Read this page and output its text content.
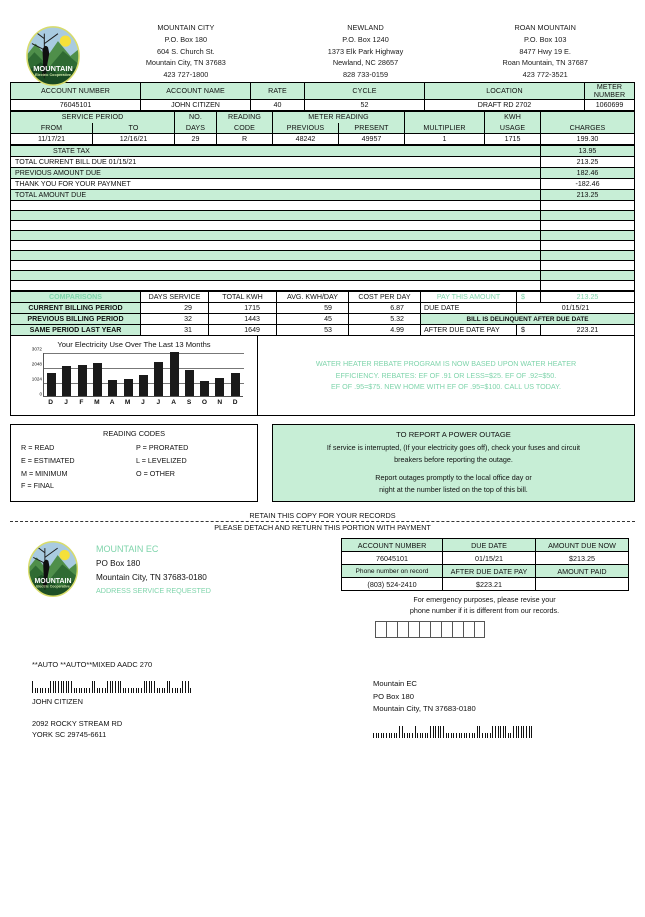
MOUNTAIN
Electric Cooperative
MOUNTAIN CITY
P.O. Box 180
604 S. Church St.
Mountain City, TN 37683
423 727-1800
NEWLAND
P.O. Box 1240
1373 Elk Park Highway
Newland, NC 28657
828 733-0159
ROAN MOUNTAIN
P.O. Box 103
8477 Hwy 19 E.
Roan Mountain, TN 37687
423 772-3521
ACCOUNT NUMBER	ACCOUNT NAME	RATE	CYCLE	LOCATION	METER NUMBER
76045101	JOHN CITIZEN	40	52	DRAFT RD 2702	1060699
SERVICE PERIOD		NO.	READING	METER READING			KWH	
FROM	TO	DAYS	CODE	PREVIOUS	PRESENT	MULTIPLIER	USAGE	CHARGES
11/17/21	12/16/21	29	R	48242	49957	1	1715	199.30
STATE TAX	13.95
TOTAL CURRENT BILL DUE 01/15/21	213.25
PREVIOUS AMOUNT DUE	182.46
THANK YOU FOR YOUR PAYMNET	-182.46
TOTAL AMOUNT DUE	213.25

COMPARISONS	DAYS SERVICE	TOTAL KWH	AVG. KWH/DAY	COST PER DAY	PAY THIS AMOUNT	$	213.25
CURRENT BILLING PERIOD	29	1715	59	6.87	DUE DATE	01/15/21	
PREVIOUS BILLING PERIOD	32	1443	45	5.32	BILL IS DELINQUENT AFTER DUE DATE		
SAME PERIOD LAST YEAR	31	1649	53	4.99	AFTER DUE DATE PAY	$	223.21
Your Electricity Use Over The Last 13 Months
3072
2048
1024
0
D	J	F	M	A	M	J	J	A	S	O	N	D
WATER HEATER REBATE PROGRAM IS NOW BASED UPON WATER HEATER
EFFICIENCY. REBATES: EF OF .91 OR LESS=$25. EF OF .92=$50.
EF OF .95=$75. NEW HOME WITH EF OF .95=$100. CALL US TODAY.
READING CODES
R = READ
E = ESTIMATED
M = MINIMUM
F = FINAL
P = PRORATED
L = LEVELIZED
O = OTHER
TO REPORT A POWER OUTAGE
If service is interrupted, (If your electricity goes off), check your fuses and circuit
breakers before reporting the outage.
Report outages promptly to the local office day or
night at the number listed on the top of this bill.
RETAIN THIS COPY FOR YOUR RECORDS
PLEASE DETACH AND RETURN THIS PORTION WITH PAYMENT
MOUNTAIN
Electric Cooperative
MOUNTAIN EC
PO Box 180
Mountain City, TN 37683-0180
ADDRESS SERVICE REQUESTED
ACCOUNT NUMBER	DUE DATE	AMOUNT DUE NOW
76045101	01/15/21	$213.25
Phone number on record	AFTER DUE DATE PAY	AMOUNT PAID
(803) 524-2410	$223.21	
For emergency purposes, please revise your
phone number if it is different from our records.
**AUTO **AUTO**MIXED AADC 270
JOHN CITIZEN
2092 ROCKY STREAM RD
YORK SC 29745-6611
Mountain EC
PO Box 180
Mountain City, TN 37683-0180
